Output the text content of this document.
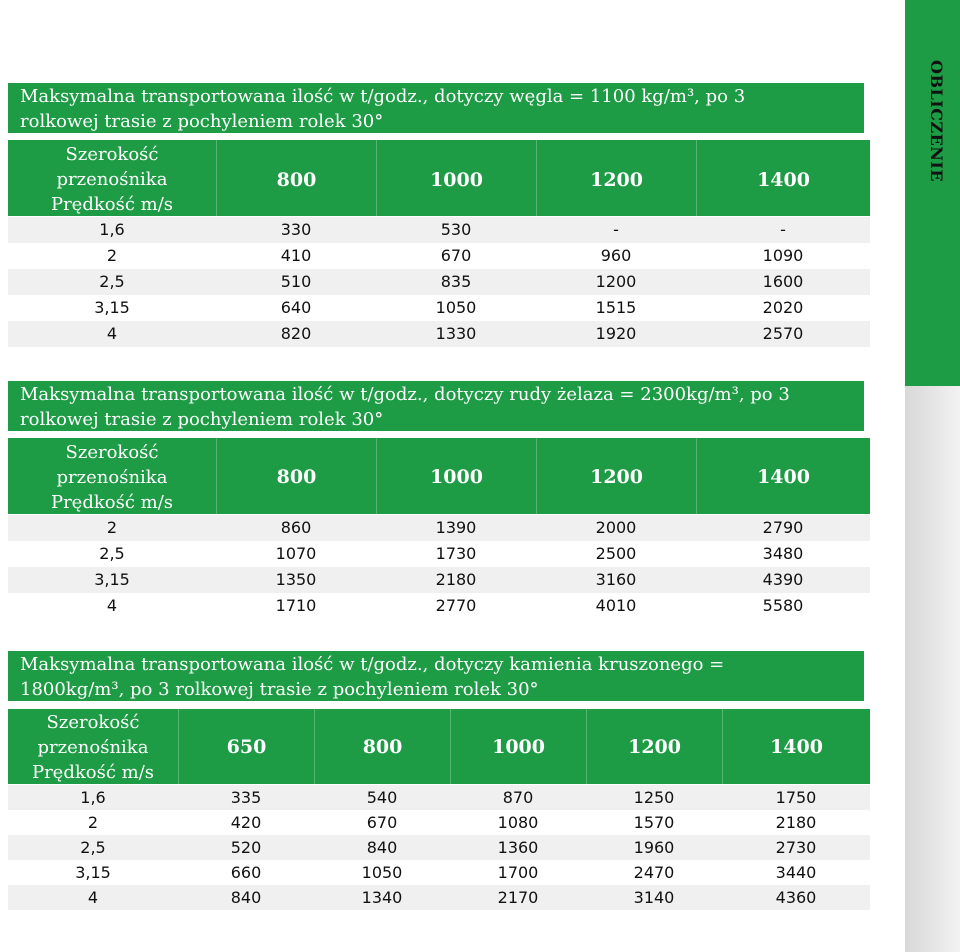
OBLICZENIE
Maksymalna transportowana ilość w t/godz., dotyczy węgla = 1100 kg/m³, po 3
rolkowej trasie z pochyleniem rolek 30°
Szerokość
przenośnika
Prędkość m/s
800	1000	1200	1400
1,6	330	530	-	-
2	410	670	960	1090
2,5	510	835	1200	1600
3,15	640	1050	1515	2020
4	820	1330	1920	2570
Maksymalna transportowana ilość w t/godz., dotyczy rudy żelaza = 2300kg/m³, po 3
rolkowej trasie z pochyleniem rolek 30°
Szerokość
przenośnika
Prędkość m/s
800	1000	1200	1400
2	860	1390	2000	2790
2,5	1070	1730	2500	3480
3,15	1350	2180	3160	4390
4	1710	2770	4010	5580
Maksymalna transportowana ilość w t/godz., dotyczy kamienia kruszonego =
1800kg/m³, po 3 rolkowej trasie z pochyleniem rolek 30°
Szerokość
przenośnika
Prędkość m/s
650	800	1000	1200	1400
1,6	335	540	870	1250	1750
2	420	670	1080	1570	2180
2,5	520	840	1360	1960	2730
3,15	660	1050	1700	2470	3440
4	840	1340	2170	3140	4360
